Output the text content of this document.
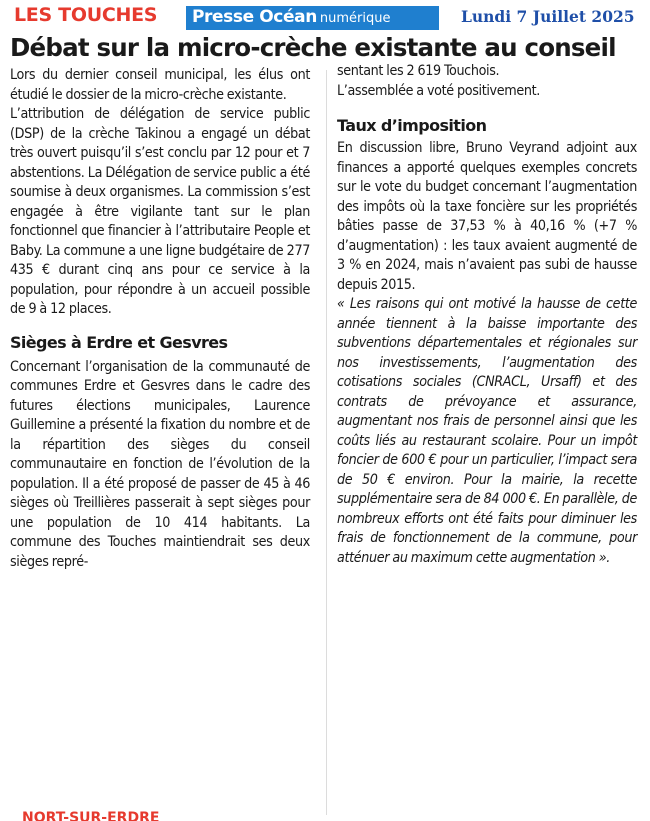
LES TOUCHES	Presse Océan numérique	Lundi 7 Juillet 2025
Débat sur la micro-crèche existante au conseil

Lors du dernier conseil municipal, les élus ont étudié le dossier de la micro-crèche existante.

L’attribution de délégation de service public (DSP) de la crèche Takinou a engagé un débat très ouvert puisqu’il s’est conclu par 12 pour et 7 abstentions. La Délégation de service public a été soumise à deux organismes. La commission s’est engagée à être vigilante tant sur le plan fonctionnel que financier à l’attributaire People et Baby. La commune a une ligne budgétaire de 277 435 € durant cinq ans pour ce service à la population, pour répondre à un accueil possible de 9 à 12 places.

Sièges à Erdre et Gesvres

Concernant l’organisation de la communauté de communes Erdre et Gesvres dans le cadre des futures élections municipales, Laurence Guillemine a présenté la fixation du nombre et de la répartition des sièges du conseil communautaire en fonction de l’évolution de la population. Il a été proposé de passer de 45 à 46 sièges où Treillières passerait à sept sièges pour une population de 10 414 habitants. La commune des Touches maintiendrait ses deux sièges repré-

sentant les 2 619 Touchois.

L’assemblée a voté positivement.

Taux d’imposition

En discussion libre, Bruno Veyrand adjoint aux finances a apporté quelques exemples concrets sur le vote du budget concernant l’augmentation des impôts où la taxe foncière sur les propriétés bâties passe de 37,53 % à 40,16 % (+7 % d’augmentation) : les taux avaient augmenté de 3 % en 2024, mais n’avaient pas subi de hausse depuis 2015.

« Les raisons qui ont motivé la hausse de cette année tiennent à la baisse importante des subventions départementales et régionales sur nos investissements, l’augmentation des cotisations sociales (CNRACL, Ursaff) et des contrats de prévoyance et assurance, augmentant nos frais de personnel ainsi que les coûts liés au restaurant scolaire. Pour un impôt foncier de 600 € pour un particulier, l’impact sera de 50 € environ. Pour la mairie, la recette supplémentaire sera de 84 000 €. En parallèle, de nombreux efforts ont été faits pour diminuer les frais de fonctionnement de la commune, pour atténuer au maximum cette augmentation ».

NORT-SUR-ERDRE
